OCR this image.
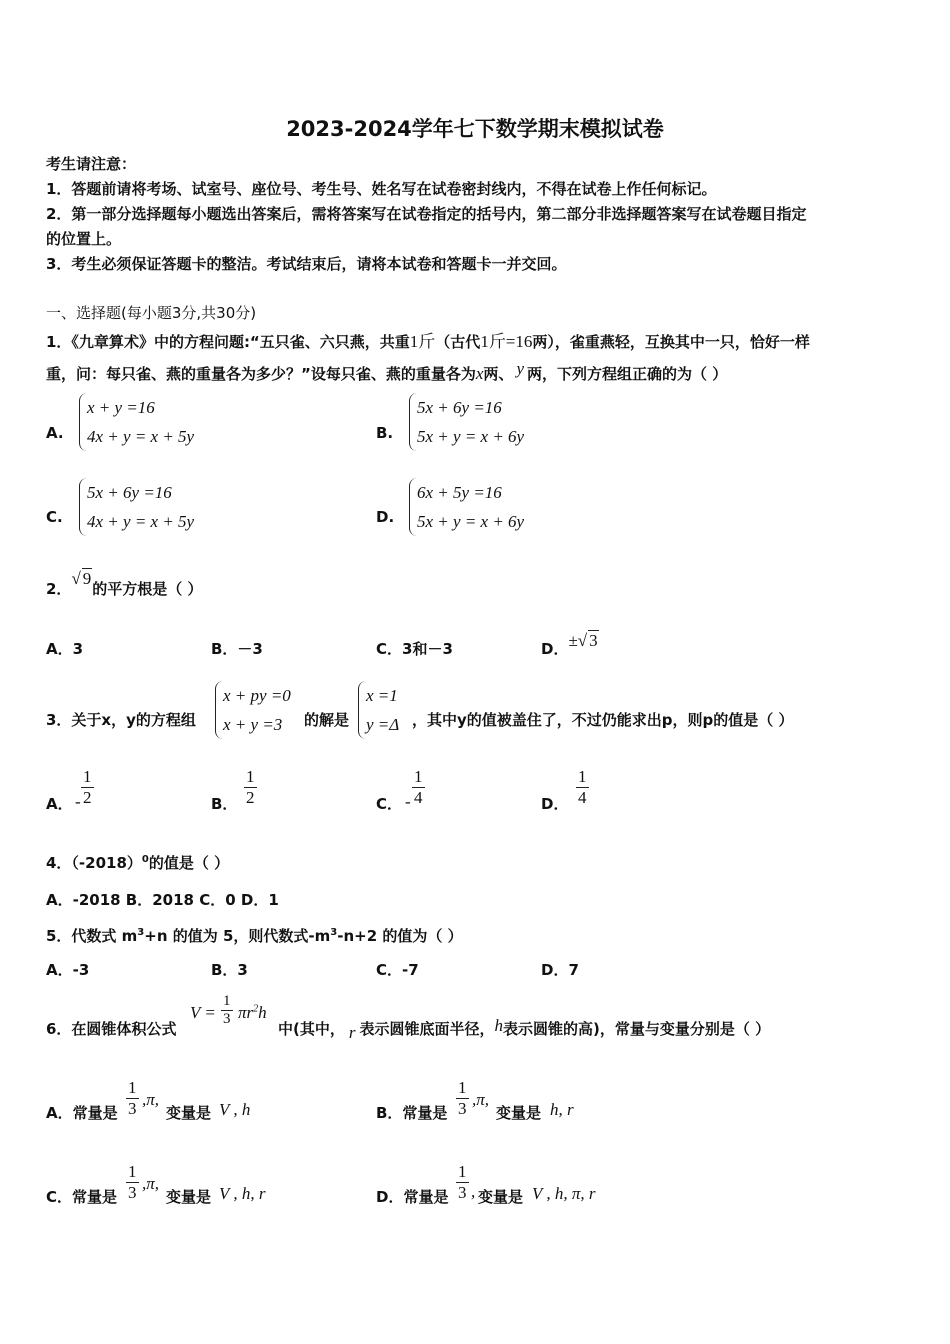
2023-2024学年七下数学期末模拟试卷
考生请注意：
1．答题前请将考场、试室号、座位号、考生号、姓名写在试卷密封线内，不得在试卷上作任何标记。
2．第一部分选择题每小题选出答案后，需将答案写在试卷指定的括号内，第二部分非选择题答案写在试卷题目指定
的位置上。
3．考生必须保证答题卡的整洁。考试结束后，请将本试卷和答题卡一并交回。
一、选择题(每小题3分,共30分)
1．《九章算术》中的方程问题:“五只雀、六只燕，共重1斤（古代1斤=16两），雀重燕轻，互换其中一只，恰好一样
重，问：每只雀、燕的重量各为多少？”设每只雀、燕的重量各为x两、 y 两，下列方程组正确的为（ ）
A.
x + y =16
4x + y = x + 5y	B.
5x + 6y =16
5x + y = x + 6y
C.
5x + 6y =16
4x + y = x + 5y	D.
6x + 5y =16
5x + y = x + 6y
2．√ 9的平方根是（ ）
A．3	B．－3	C．3和－3	D．±√ 3
3．关于x，y的方程组
x + py =0
x + y =3	的解是
x =1
y =Δ ，其中y的值被盖住了，不过仍能求出p，则p的值是（ ）
A． - $\frac{1}{2}$	B． $\frac{1}{2}$	C． - $\frac{1}{4}$	D． $\frac{1}{4}$
4．$(-2018)^0$的值是（ ）
A．-2018 B．2018 C．0 D．1
5．代数式 $m^3+n$ 的值为 5，则代数式$-m^3-n+2$ 的值为（ ）
A．-3	B．3	C．-7	D．7
6．在圆锥体积公式
$V = \frac{1}{3} \pi r^2h$
中(其中， r 表示圆锥底面半径，h表示圆锥的高)，常量与变量分别是（ ）
A．常量是 $\frac{1}{3} ,\pi$,
变量是 V , h	B．常量是 $\frac{1}{3} ,\pi$,
变量是 h, r
C．常量是 $\frac{1}{3} ,\pi$,
变量是 V , h, r	D．常量是 $\frac{1}{3}$ , 变量是 V , h, π, r
